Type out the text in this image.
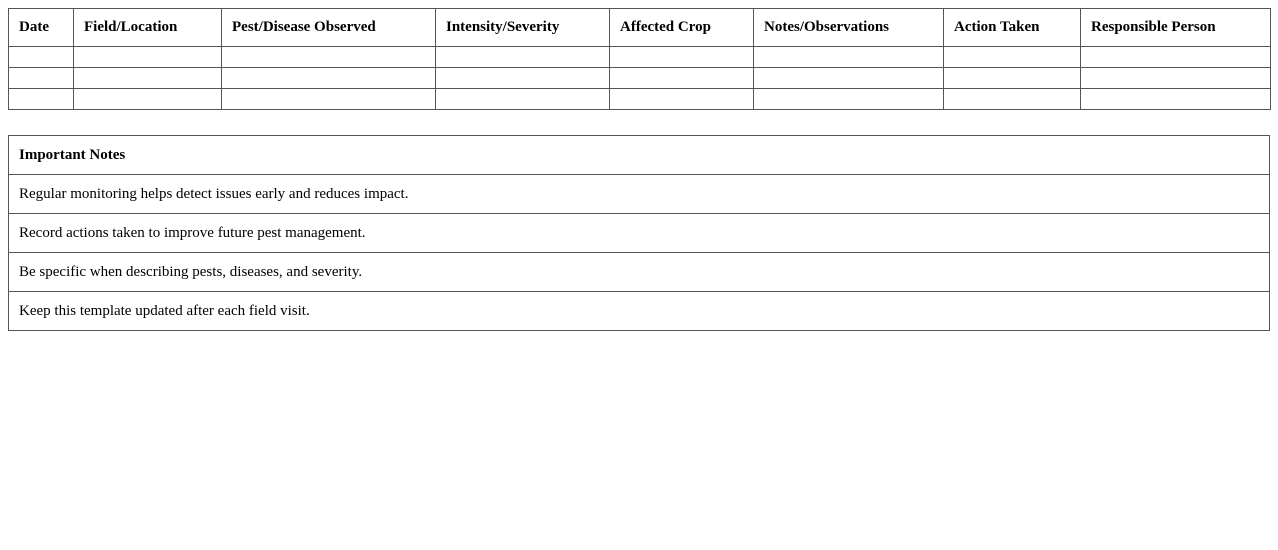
Date	Field/Location	Pest/Disease Observed	Intensity/Severity	Affected Crop	Notes/Observations	Action Taken	Responsible Person

Important Notes
Regular monitoring helps detect issues early and reduces impact.
Record actions taken to improve future pest management.
Be specific when describing pests, diseases, and severity.
Keep this template updated after each field visit.
